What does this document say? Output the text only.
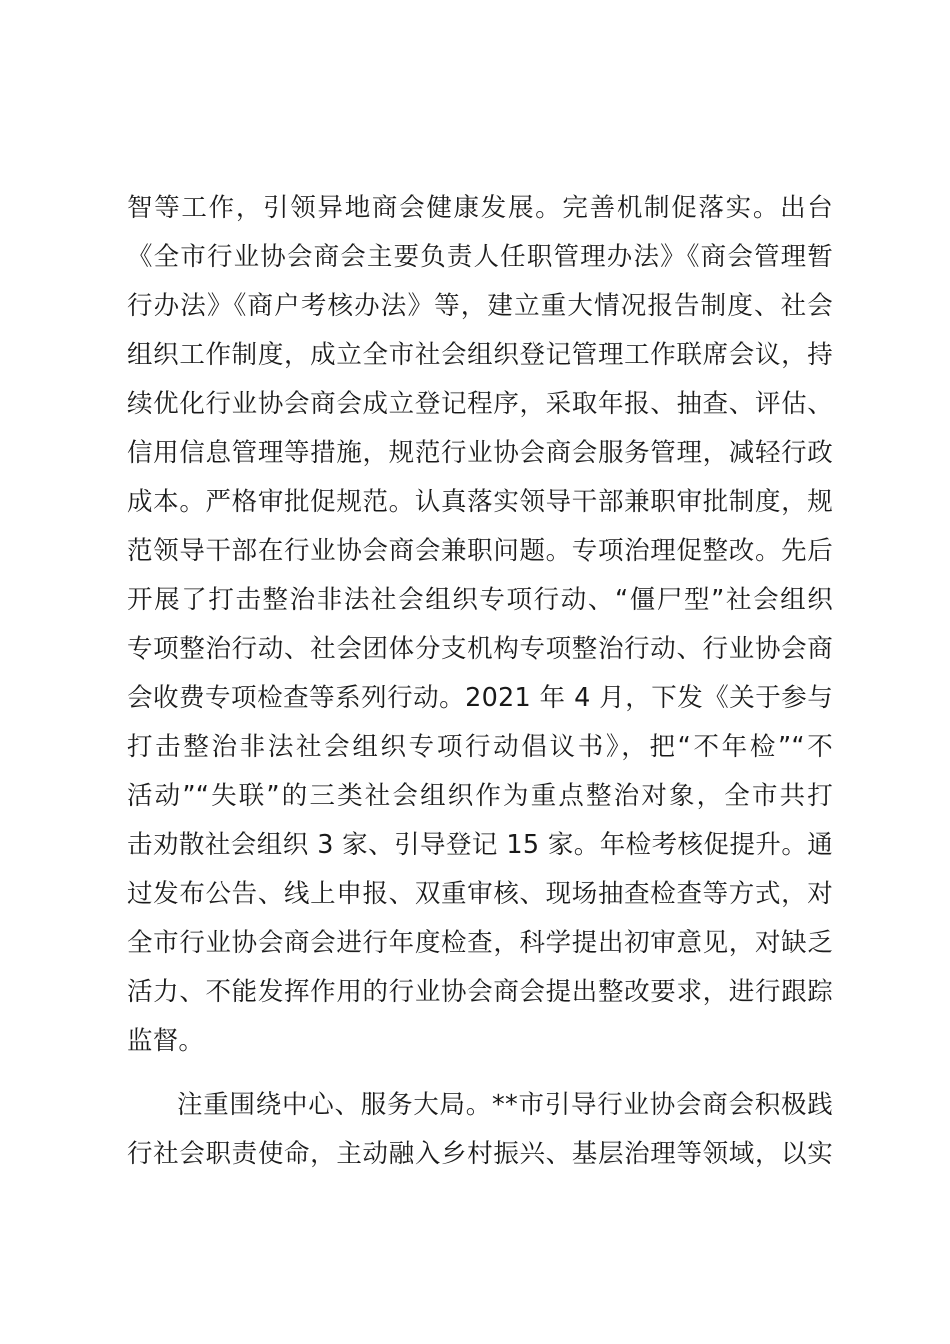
智等工作，引领异地商会健康发展。完善机制促落实。出台
《全市行业协会商会主要负责人任职管理办法》《商会管理暂
行办法》《商户考核办法》等，建立重大情况报告制度、社会
组织工作制度，成立全市社会组织登记管理工作联席会议，持
续优化行业协会商会成立登记程序，采取年报、抽查、评估、
信用信息管理等措施，规范行业协会商会服务管理，减轻行政
成本。严格审批促规范。认真落实领导干部兼职审批制度，规
范领导干部在行业协会商会兼职问题。专项治理促整改。先后
开展了打击整治非法社会组织专项行动、“僵尸型”社会组织
专项整治行动、社会团体分支机构专项整治行动、行业协会商
会收费专项检查等系列行动。2021 年 4 月，下发《关于参与
打击整治非法社会组织专项行动倡议书》，把“不年检”“不
活动”“失联”的三类社会组织作为重点整治对象，全市共打
击劝散社会组织 3 家、引导登记 15 家。年检考核促提升。通
过发布公告、线上申报、双重审核、现场抽查检查等方式，对
全市行业协会商会进行年度检查，科学提出初审意见，对缺乏
活力、不能发挥作用的行业协会商会提出整改要求，进行跟踪
监督。
注重围绕中心、服务大局。**市引导行业协会商会积极践
行社会职责使命，主动融入乡村振兴、基层治理等领域，以实
